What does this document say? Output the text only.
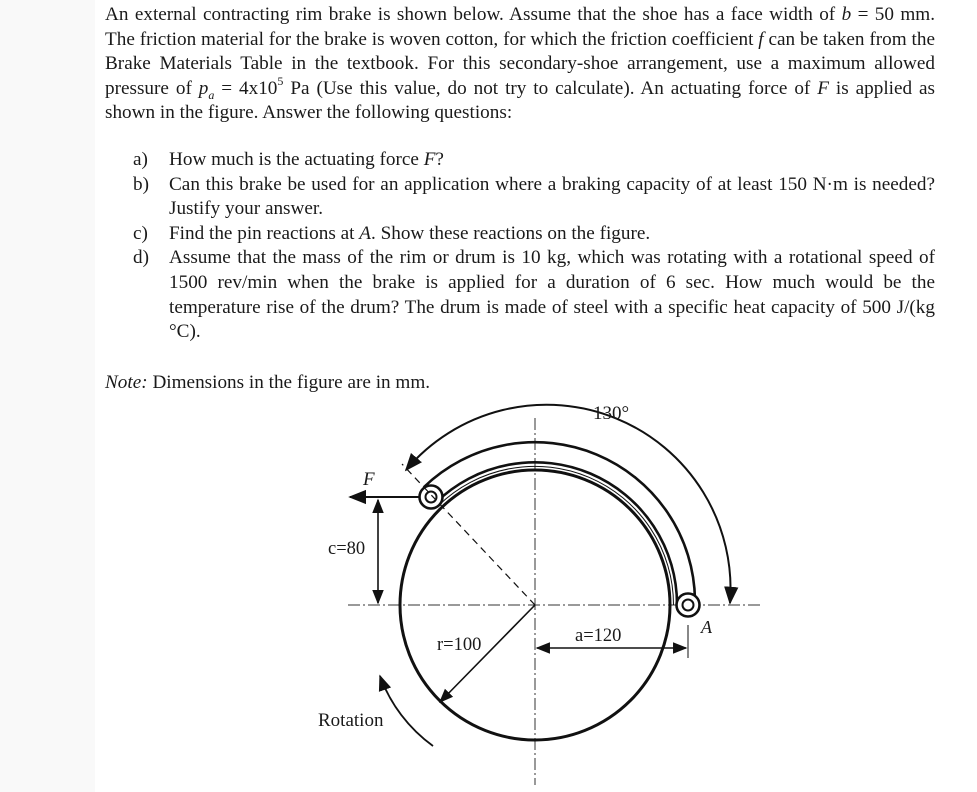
An external contracting rim brake is shown below. Assume that the shoe has a face width of b = 50 mm. The friction material for the brake is woven cotton, for which the friction coefficient f can be taken from the Brake Materials Table in the textbook. For this secondary-shoe arrangement, use a maximum allowed pressure of $p_a = 4x10^5$ Pa (Use this value, do not try to calculate). An actuating force of F is applied as shown in the figure. Answer the following questions:

a) How much is the actuating force F?
b) Can this brake be used for an application where a braking capacity of at least 150 N·m is needed? Justify your answer.
c) Find the pin reactions at A. Show these reactions on the figure.
d) Assume that the mass of the rim or drum is 10 kg, which was rotating with a rotational speed of 1500 rev/min when the brake is applied for a duration of 6 sec. How much would be the temperature rise of the drum? The drum is made of steel with a specific heat capacity of 500 J/(kg °C).
Note: Dimensions in the figure are in mm.
130°
F
c=80
r=100	a=120	A
Rotation
